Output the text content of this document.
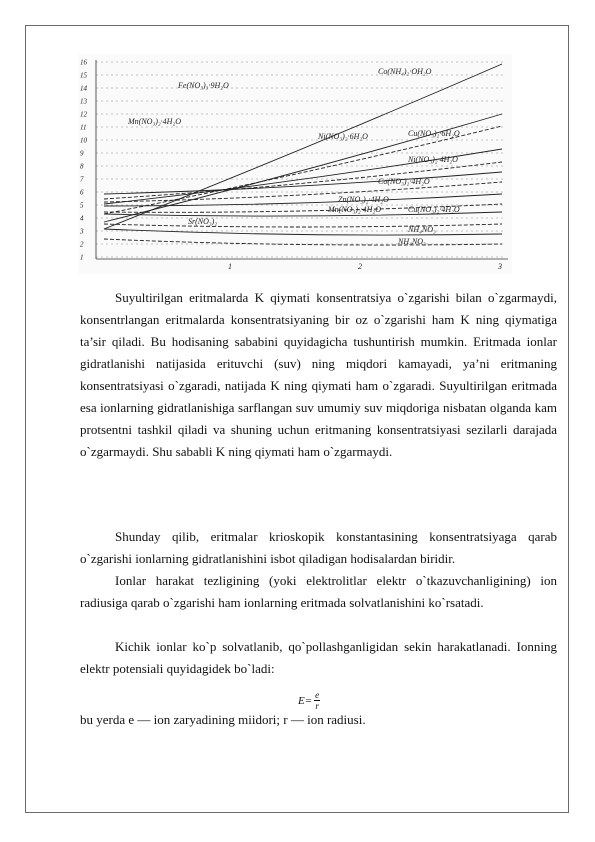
16
15
14
13
12
11
10
9
8
7
6
5
4
3
2
1
1	2	3
Fe(NO₃)₃·9H₂O
Co(NH₄)₂·OH₂O
Mn(NO₃)₂·4H₂O
Cu(NO₃)₂·6H₂O
Ni(NO₃)₂·6H₂O
Ni(NO₃)₂·4H₂O
Co(NO₃)₂·4H₂O
Zn(NO₃)₂·4H₂O
Mn(NO₃)₂·4H₂O	Cu(NO₃)₂·4H₂O
NH₄NO₃
Sr(NO₃)₂
NH₄NO₃

Suyultirilgan eritmalarda K qiymati konsentratsiya o`zgarishi bilan o`zgarmaydi, konsentrlangan eritmalarda konsentratsiyaning bir oz o`zgarishi ham K ning qiymatiga ta’sir qiladi. Bu hodisaning sababini quyidagicha tushuntirish mumkin. Eritmada ionlar gidratlanishi natijasida erituvchi (suv) ning miqdori kamayadi, ya’ni eritmaning konsentratsiyasi o`zgaradi, natijada K ning qiymati ham o`zgaradi. Suyultirilgan eritmada esa ionlarning gidratlanishiga sarflangan suv umumiy suv miqdoriga nisbatan olganda kam protsentni tashkil qiladi va shuning uchun eritmaning konsentratsiyasi sezilarli darajada o`zgarmaydi. Shu sababli K ning qiymati ham o`zgarmaydi.

Shunday qilib, eritmalar krioskopik konstantasining konsentratsiyaga qarab o`zgarishi ionlarning gidratlanishini isbot qiladigan hodisalardan biridir.

Ionlar harakat tezligining (yoki elektrolitlar elektr o`tkazuvchanligining) ion radiusiga qarab o`zgarishi ham ionlarning eritmada solvatlanishini ko`rsatadi.

Kichik ionlar ko`p solvatlanib, qo`pollashganligidan sekin harakatlanadi. Ionning elektr potensiali quyidagidek bo`ladi:

$E= \frac{e}{r}$

bu yerda e — ion zaryadining miidori; r — ion radiusi.
